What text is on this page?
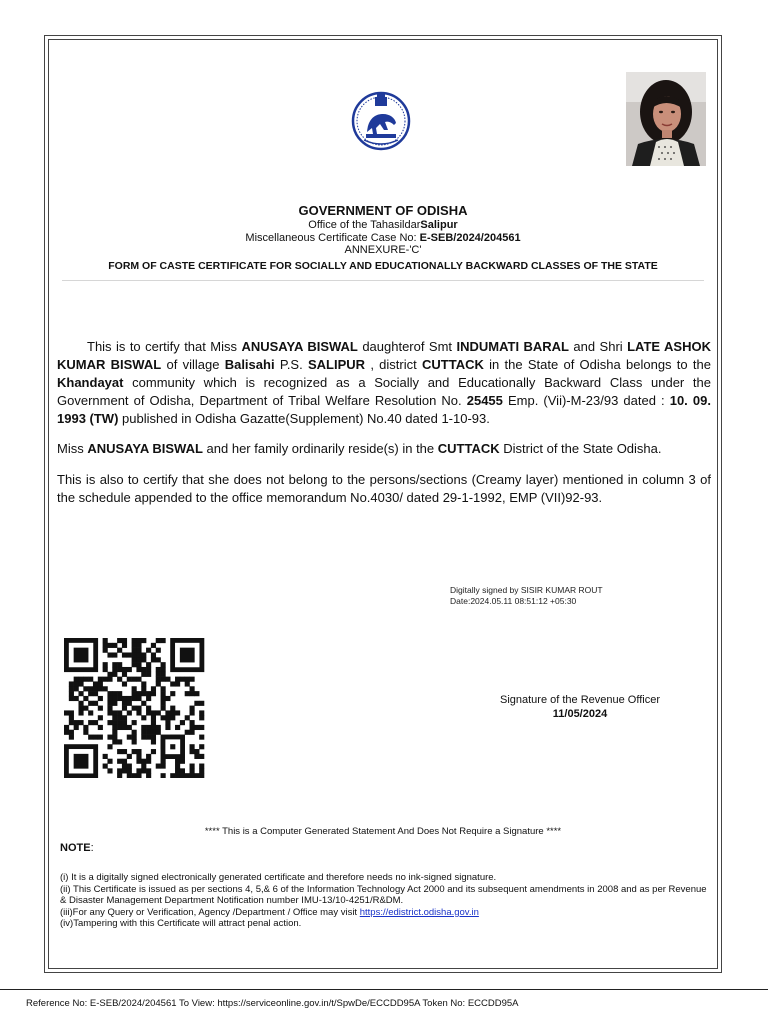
GOVERNMENT OF ODISHA
Office of the TahasildarSalipur
Miscellaneous Certificate Case No: E-SEB/2024/204561
ANNEXURE-'C'
FORM OF CASTE CERTIFICATE FOR SOCIALLY AND EDUCATIONALLY BACKWARD CLASSES OF THE STATE

This is to certify that Miss ANUSAYA BISWAL daughterof Smt INDUMATI BARAL and Shri LATE ASHOK KUMAR BISWAL of village Balisahi P.S. SALIPUR , district CUTTACK in the State of Odisha belongs to the Khandayat community which is recognized as a Socially and Educationally Backward Class under the Government of Odisha, Department of Tribal Welfare Resolution No. 25455 Emp. (Vii)-M-23/93 dated : 10. 09. 1993 (TW) published in Odisha Gazatte(Supplement) No.40 dated 1-10-93.

Miss ANUSAYA BISWAL and her family ordinarily reside(s) in the CUTTACK District of the State Odisha.

This is also to certify that she does not belong to the persons/sections (Creamy layer) mentioned in column 3 of the schedule appended to the office memorandum No.4030/ dated 29-1-1992, EMP (VII)92-93.

Digitally signed by SISIR KUMAR ROUT
Date:2024.05.11 08:51:12 +05:30
Signature of the Revenue Officer
11/05/2024
**** This is a Computer Generated Statement And Does Not Require a Signature ****
NOTE:
(i) It is a digitally signed electronically generated certificate and therefore needs no ink-signed signature.
(ii) This Certificate is issued as per sections 4, 5,& 6 of the Information Technology Act 2000 and its subsequent amendments in 2008 and as per Revenue & Disaster Management Department Notification number IMU-13/10-4251/R&DM.
(iii)For any Query or Verification, Agency /Department / Office may visit https://edistrict.odisha.gov.in
(iv)Tampering with this Certificate will attract penal action.
Reference No: E-SEB/2024/204561 To View: https://serviceonline.gov.in/t/SpwDe/ECCDD95A Token No: ECCDD95A
